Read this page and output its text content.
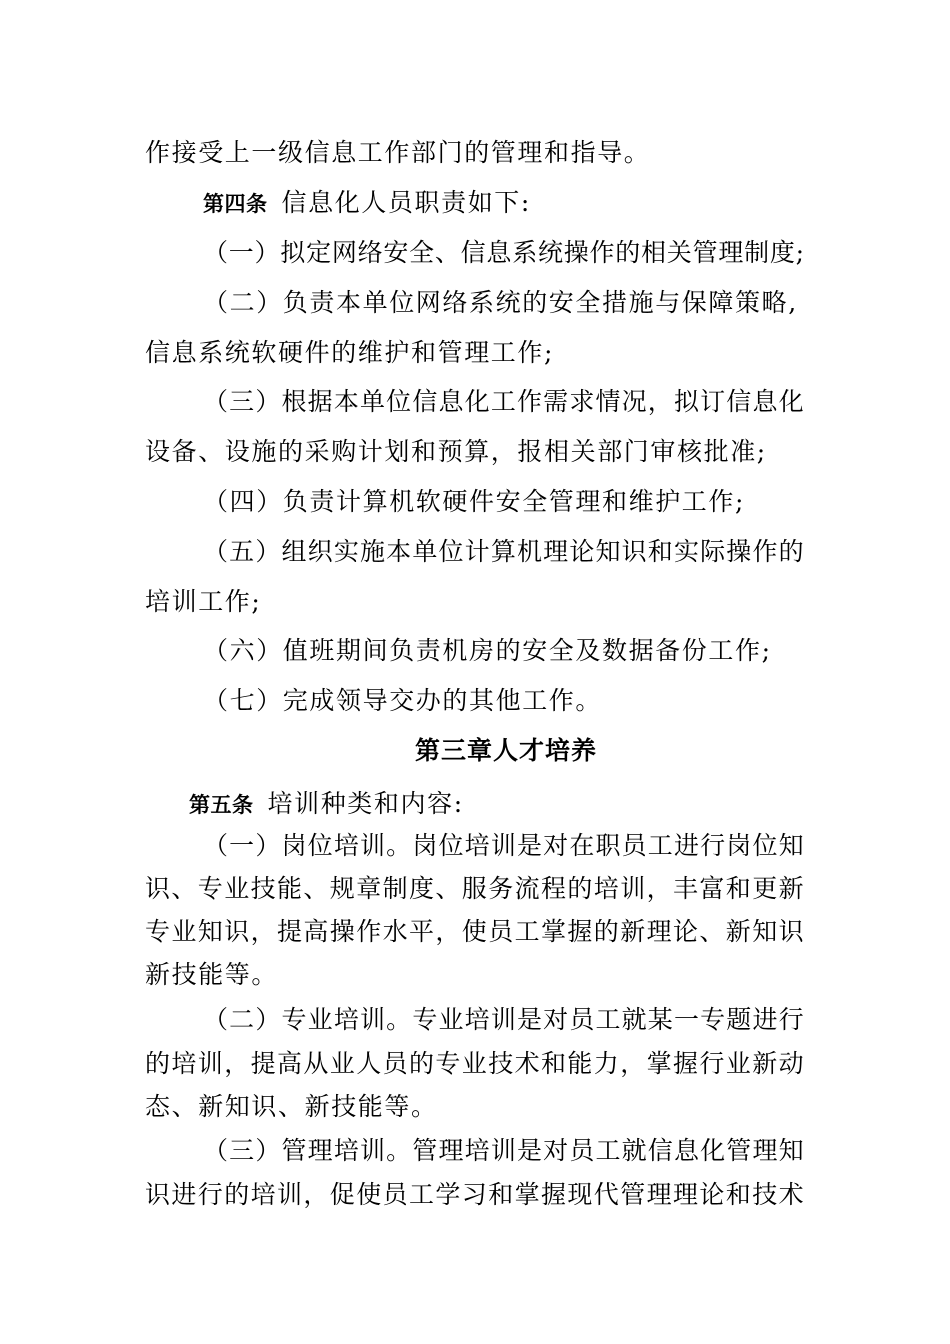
作接受上一级信息工作部门的管理和指导。
第四条 信息化人员职责如下:
（一）拟定网络安全、信息系统操作的相关管理制度;
（二）负责本单位网络系统的安全措施与保障策略,
信息系统软硬件的维护和管理工作;
（三）根据本单位信息化工作需求情况，拟订信息化
设备、设施的采购计划和预算，报相关部门审核批准;
（四）负责计算机软硬件安全管理和维护工作;
（五）组织实施本单位计算机理论知识和实际操作的
培训工作;
（六）值班期间负责机房的安全及数据备份工作;
（七）完成领导交办的其他工作。
第三章人才培养
第五条 培训种类和内容:
（一）岗位培训。岗位培训是对在职员工进行岗位知
识、专业技能、规章制度、服务流程的培训，丰富和更新
专业知识，提高操作水平，使员工掌握的新理论、新知识
新技能等。
（二）专业培训。专业培训是对员工就某一专题进行
的培训，提高从业人员的专业技术和能力，掌握行业新动
态、新知识、新技能等。
（三）管理培训。管理培训是对员工就信息化管理知
识进行的培训，促使员工学习和掌握现代管理理论和技术
